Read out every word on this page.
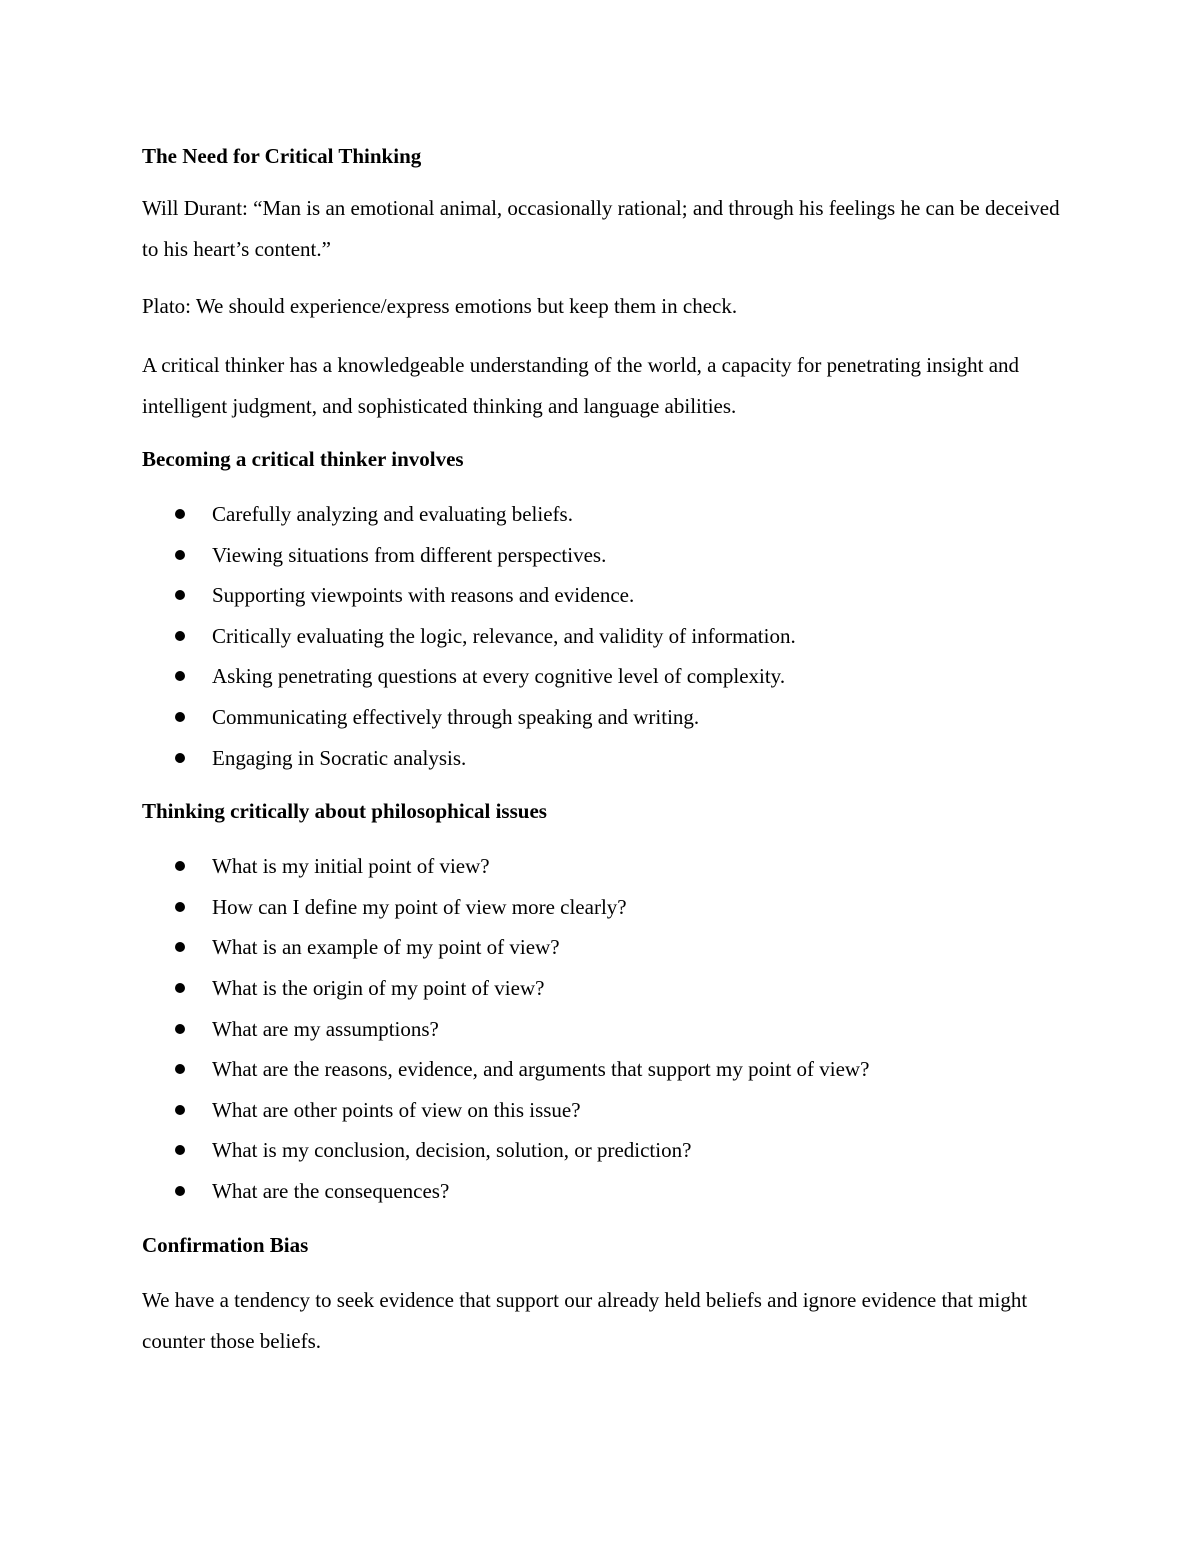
The Need for Critical Thinking

Will Durant: “Man is an emotional animal, occasionally rational; and through his feelings he can be deceived to his heart’s content.”

Plato: We should experience/express emotions but keep them in check.

A critical thinker has a knowledgeable understanding of the world, a capacity for penetrating insight and intelligent judgment, and sophisticated thinking and language abilities.

Becoming a critical thinker involves
Carefully analyzing and evaluating beliefs.
Viewing situations from different perspectives.
Supporting viewpoints with reasons and evidence.
Critically evaluating the logic, relevance, and validity of information.
Asking penetrating questions at every cognitive level of complexity.
Communicating effectively through speaking and writing.
Engaging in Socratic analysis.
Thinking critically about philosophical issues
What is my initial point of view?
How can I define my point of view more clearly?
What is an example of my point of view?
What is the origin of my point of view?
What are my assumptions?
What are the reasons, evidence, and arguments that support my point of view?
What are other points of view on this issue?
What is my conclusion, decision, solution, or prediction?
What are the consequences?
Confirmation Bias

We have a tendency to seek evidence that support our already held beliefs and ignore evidence that might counter those beliefs.
